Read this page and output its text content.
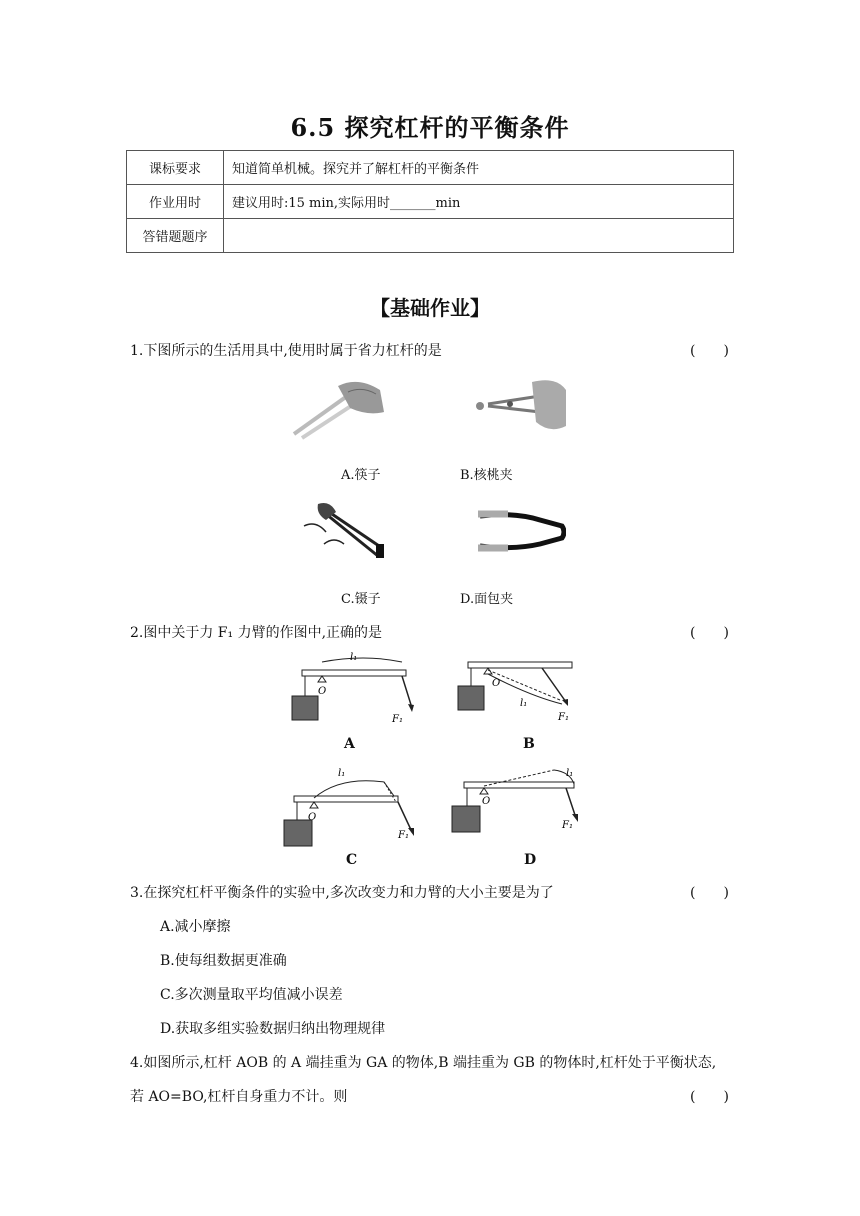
6.5 探究杠杆的平衡条件
课标要求	知道简单机械。探究并了解杠杆的平衡条件
作业用时	建议用时:15 min,实际用时_______min
答错题题序	
【基础作业】
1.下图所示的生活用具中,使用时属于省力杠杆的是	(　　)
A.筷子	B.核桃夹
C.镊子	D.面包夹
2.图中关于力 F₁ 力臂的作图中,正确的是	(　　)
O
l₁
F₁
O
l₁
F₁
A	B
O
l₁
F₁
O
l₁
F₁
C	D
3.在探究杠杆平衡条件的实验中,多次改变力和力臂的大小主要是为了	(　　)
A.减小摩擦
B.使每组数据更准确
C.多次测量取平均值减小误差
D.获取多组实验数据归纳出物理规律
4.如图所示,杠杆 AOB 的 A 端挂重为 GA 的物体,B 端挂重为 GB 的物体时,杠杆处于平衡状态,
若 AO=BO,杠杆自身重力不计。则	(　　)
